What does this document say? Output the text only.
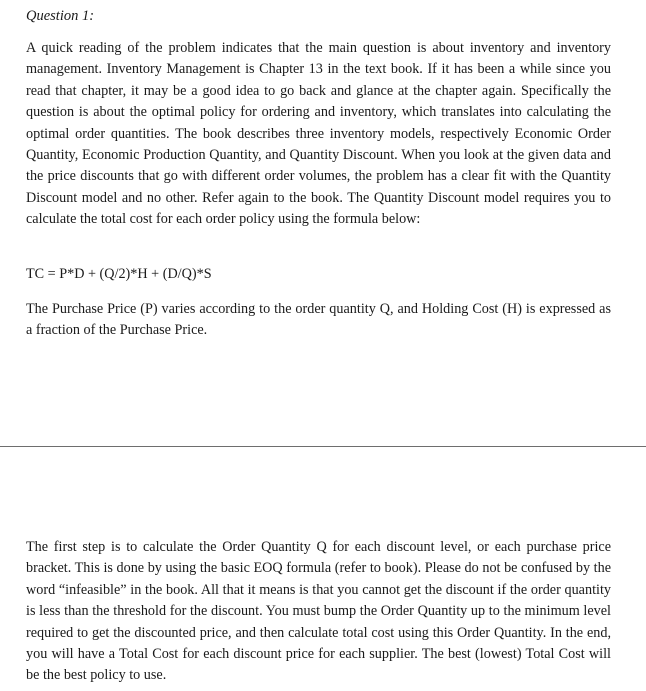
Question 1:

A quick reading of the problem indicates that the main question is about inventory and inventory management. Inventory Management is Chapter 13 in the text book. If it has been a while since you read that chapter, it may be a good idea to go back and glance at the chapter again. Specifically the question is about the optimal policy for ordering and inventory, which translates into calculating the optimal order quantities. The book describes three inventory models, respectively Economic Order Quantity, Economic Production Quantity, and Quantity Discount. When you look at the given data and the price discounts that go with different order volumes, the problem has a clear fit with the Quantity Discount model and no other. Refer again to the book. The Quantity Discount model requires you to calculate the total cost for each order policy using the formula below:

TC = P*D + (Q/2)*H + (D/Q)*S

The Purchase Price (P) varies according to the order quantity Q, and Holding Cost (H) is expressed as a fraction of the Purchase Price.

The first step is to calculate the Order Quantity Q for each discount level, or each purchase price bracket. This is done by using the basic EOQ formula (refer to book). Please do not be confused by the word “infeasible” in the book. All that it means is that you cannot get the discount if the order quantity is less than the threshold for the discount. You must bump the Order Quantity up to the minimum level required to get the discounted price, and then calculate total cost using this Order Quantity. In the end, you will have a Total Cost for each discount price for each supplier. The best (lowest) Total Cost will be the best policy to use.
